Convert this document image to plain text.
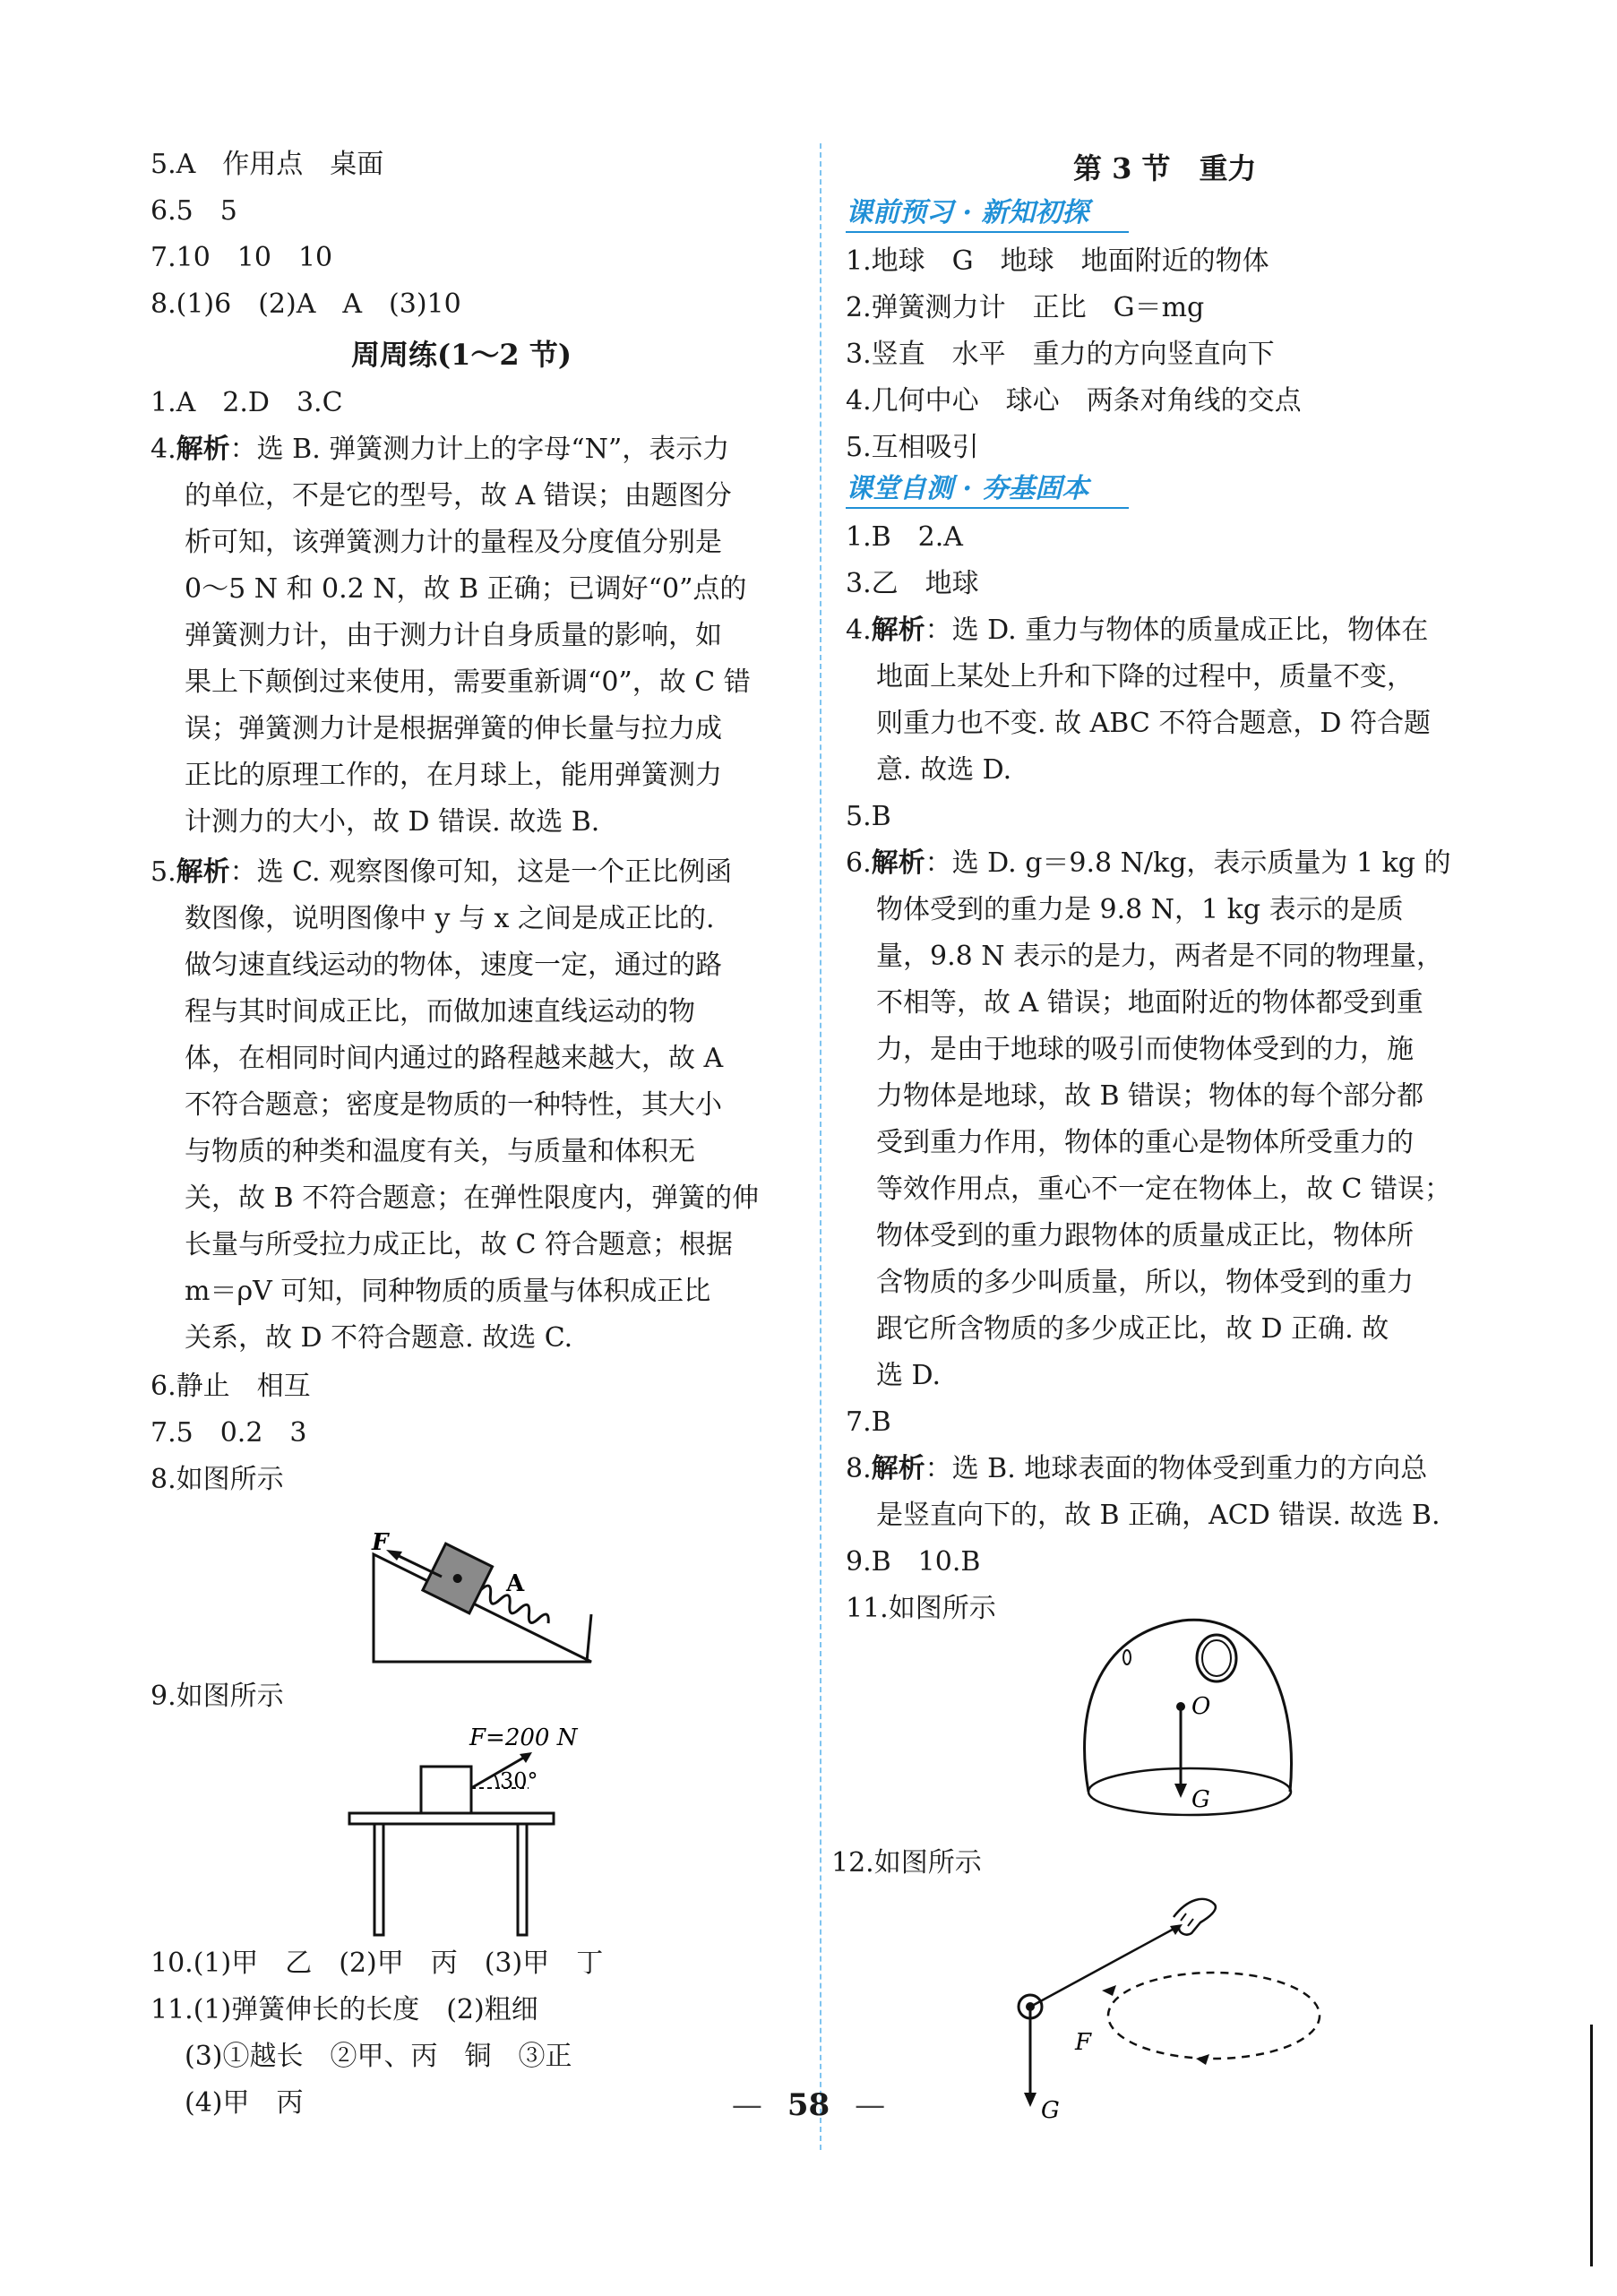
5.A　作用点　桌面
6.5　5
7.10　10　10
8.(1)6　(2)A　A　(3)10
周周练(1～2 节)
1.A　2.D　3.C
4.解析：选 B. 弹簧测力计上的字母“N”，表示力
的单位，不是它的型号，故 A 错误；由题图分
析可知，该弹簧测力计的量程及分度值分别是
0～5 N 和 0.2 N，故 B 正确；已调好“0”点的
弹簧测力计，由于测力计自身质量的影响，如
果上下颠倒过来使用，需要重新调“0”，故 C 错
误；弹簧测力计是根据弹簧的伸长量与拉力成
正比的原理工作的，在月球上，能用弹簧测力
计测力的大小，故 D 错误. 故选 B.
5.解析：选 C. 观察图像可知，这是一个正比例函
数图像，说明图像中 y 与 x 之间是成正比的.
做匀速直线运动的物体，速度一定，通过的路
程与其时间成正比，而做加速直线运动的物
体，在相同时间内通过的路程越来越大，故 A
不符合题意；密度是物质的一种特性，其大小
与物质的种类和温度有关，与质量和体积无
关，故 B 不符合题意；在弹性限度内，弹簧的伸
长量与所受拉力成正比，故 C 符合题意；根据
m＝ρV 可知，同种物质的质量与体积成正比
关系，故 D 不符合题意. 故选 C.
6.静止　相互
7.5　0.2　3
8.如图所示
F
A
9.如图所示
F=200 N
30°
10.(1)甲　乙　(2)甲　丙　(3)甲　丁
11.(1)弹簧伸长的长度　(2)粗细
(3)①越长　②甲、丙　铜　③正
(4)甲　丙
第 3 节　重力
课前预习 · 新知初探
1.地球　G　地球　地面附近的物体
2.弹簧测力计　正比　G＝mg
3.竖直　水平　重力的方向竖直向下
4.几何中心　球心　两条对角线的交点
5.互相吸引
课堂自测 · 夯基固本
1.B　2.A
3.乙　地球
4.解析：选 D. 重力与物体的质量成正比，物体在
地面上某处上升和下降的过程中，质量不变，
则重力也不变. 故 ABC 不符合题意，D 符合题
意. 故选 D.
5.B
6.解析：选 D. g＝9.8 N/kg，表示质量为 1 kg 的
物体受到的重力是 9.8 N，1 kg 表示的是质
量，9.8 N 表示的是力，两者是不同的物理量，
不相等，故 A 错误；地面附近的物体都受到重
力，是由于地球的吸引而使物体受到的力，施
力物体是地球，故 B 错误；物体的每个部分都
受到重力作用，物体的重心是物体所受重力的
等效作用点，重心不一定在物体上，故 C 错误；
物体受到的重力跟物体的质量成正比，物体所
含物质的多少叫质量，所以，物体受到的重力
跟它所含物质的多少成正比，故 D 正确. 故
选 D.
7.B
8.解析：选 B. 地球表面的物体受到重力的方向总
是竖直向下的，故 B 正确，ACD 错误. 故选 B.
9.B　10.B
11.如图所示
O
G
12.如图所示
F
G
— 58 —
